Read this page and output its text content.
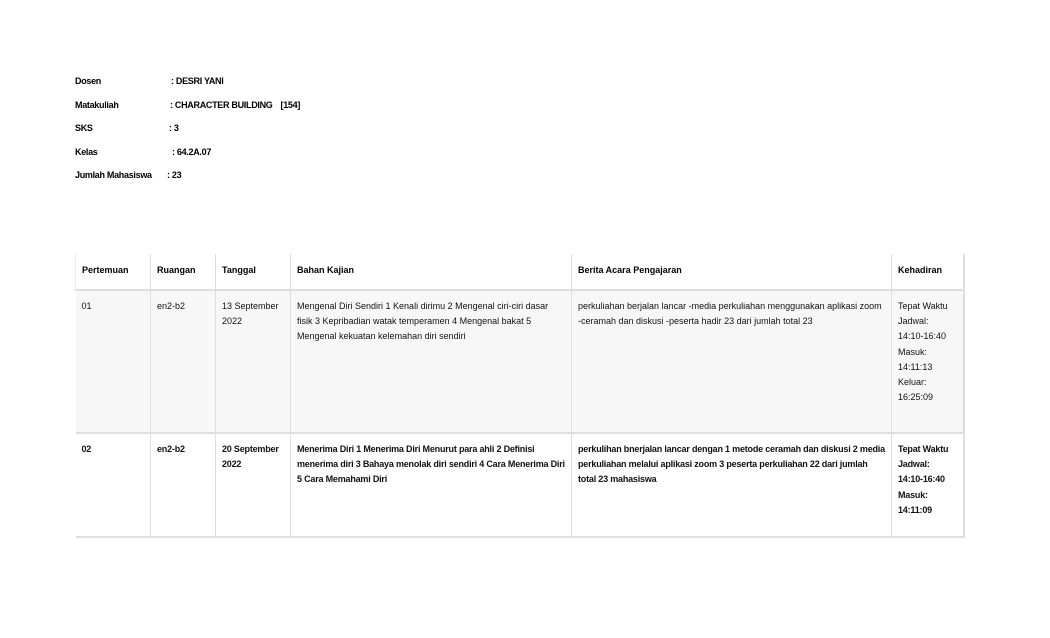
Dosen	: DESRI YANI
Matakuliah	: CHARACTER BUILDING [154]
SKS	: 3
Kelas	: 64.2A.07
Jumlah Mahasiswa : 23
Pertemuan	Ruangan	Tanggal	Bahan Kajian	Berita Acara Pengajaran	Kehadiran
01	en2-b2	13 September 2022	Mengenal Diri Sendiri 1 Kenali dirimu 2 Mengenal ciri-ciri dasar fisik 3 Kepribadian watak temperamen 4 Mengenal bakat 5 Mengenal kekuatan kelemahan diri sendiri	perkuliahan berjalan lancar -media perkuliahan menggunakan aplikasi zoom -ceramah dan diskusi -peserta hadir 23 dari jumlah total 23	Tepat Waktu Jadwal: 14:10-16:40 Masuk: 14:11:13 Keluar: 16:25:09
02	en2-b2	20 September 2022	Menerima Diri 1 Menerima Diri Menurut para ahli 2 Definisi menerima diri 3 Bahaya menolak diri sendiri 4 Cara Menerima Diri 5 Cara Memahami Diri	perkulihan bnerjalan lancar dengan 1 metode ceramah dan diskusi 2 media perkuliahan melalui aplikasi zoom 3 peserta perkuliahan 22 dari jumlah total 23 mahasiswa	Tepat Waktu Jadwal: 14:10-16:40 Masuk: 14:11:09
